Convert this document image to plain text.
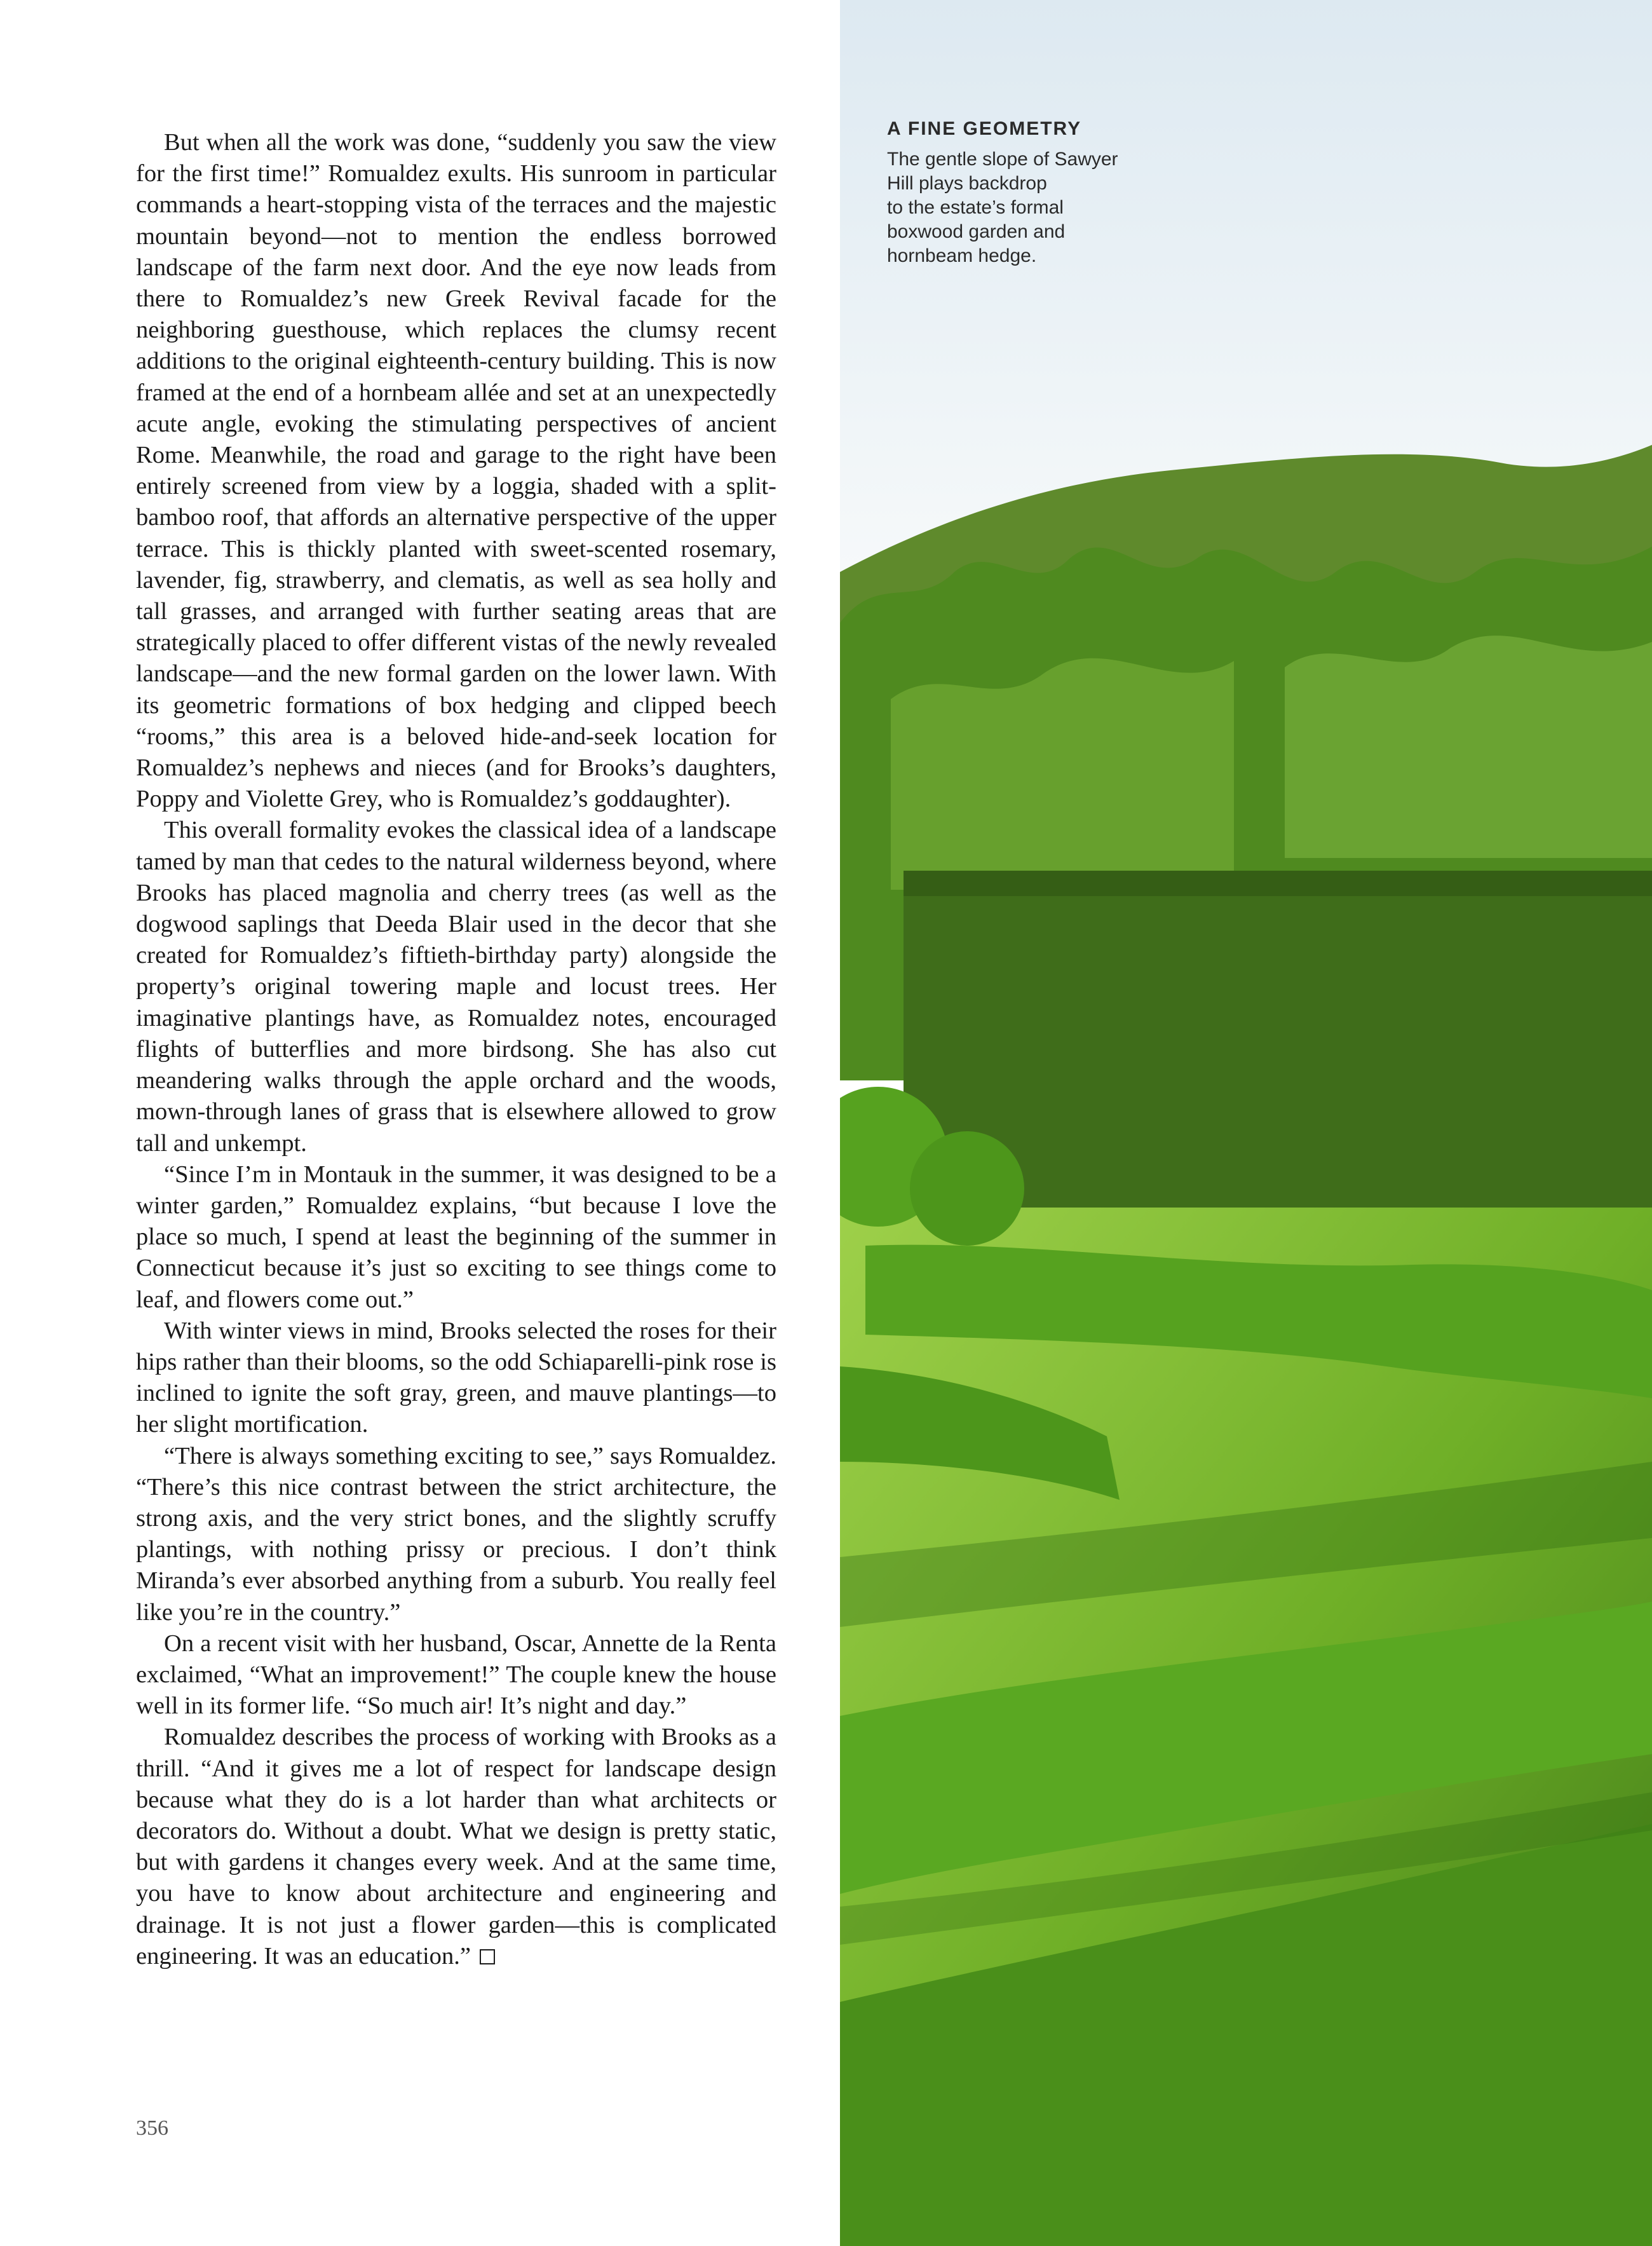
But when all the work was done, “suddenly you saw the view for the first time!” Romualdez exults. His sunroom in particular commands a heart-stopping vista of the terraces and the majestic mountain beyond—not to mention the endless borrowed landscape of the farm next door. And the eye now leads from there to Romualdez’s new Greek Revival facade for the neighboring guesthouse, which replaces the clumsy recent additions to the original eighteenth-century building. This is now framed at the end of a hornbeam allée and set at an unexpectedly acute angle, evoking the stimulating perspectives of ancient Rome. Meanwhile, the road and garage to the right have been entirely screened from view by a loggia, shaded with a split-bamboo roof, that affords an alternative perspective of the upper terrace. This is thickly planted with sweet-scented rosemary, lavender, fig, strawberry, and clematis, as well as sea holly and tall grasses, and arranged with further seating areas that are strategically placed to offer different vistas of the newly revealed landscape—and the new formal garden on the lower lawn. With its geometric formations of box hedging and clipped beech “rooms,” this area is a beloved hide-and-seek location for Romualdez’s nephews and nieces (and for Brooks’s daughters, Poppy and Violette Grey, who is Romualdez’s goddaughter).

This overall formality evokes the classical idea of a landscape tamed by man that cedes to the natural wilderness beyond, where Brooks has placed magnolia and cherry trees (as well as the dogwood saplings that Deeda Blair used in the decor that she created for Romualdez’s fiftieth-birthday party) alongside the property’s original towering maple and locust trees. Her imaginative plantings have, as Romualdez notes, encouraged flights of butterflies and more birdsong. She has also cut meandering walks through the apple orchard and the woods, mown-through lanes of grass that is elsewhere allowed to grow tall and unkempt.

“Since I’m in Montauk in the summer, it was designed to be a winter garden,” Romualdez explains, “but because I love the place so much, I spend at least the beginning of the summer in Connecticut because it’s just so exciting to see things come to leaf, and flowers come out.”

With winter views in mind, Brooks selected the roses for their hips rather than their blooms, so the odd Schiaparelli-pink rose is inclined to ignite the soft gray, green, and mauve plantings—to her slight mortification.

“There is always something exciting to see,” says Romualdez. “There’s this nice contrast between the strict architecture, the strong axis, and the very strict bones, and the slightly scruffy plantings, with nothing prissy or precious. I don’t think Miranda’s ever absorbed anything from a suburb. You really feel like you’re in the country.”

On a recent visit with her husband, Oscar, Annette de la Renta exclaimed, “What an improvement!” The couple knew the house well in its former life. “So much air! It’s night and day.”

Romualdez describes the process of working with Brooks as a thrill. “And it gives me a lot of respect for landscape design because what they do is a lot harder than what architects or decorators do. Without a doubt. What we design is pretty static, but with gardens it changes every week. And at the same time, you have to know about architecture and engineering and drainage. It is not just a flower garden—this is complicated engineering. It was an education.”

356

A FINE GEOMETRY

The gentle slope of Sawyer
Hill plays backdrop
to the estate’s formal
boxwood garden and
hornbeam hedge.
